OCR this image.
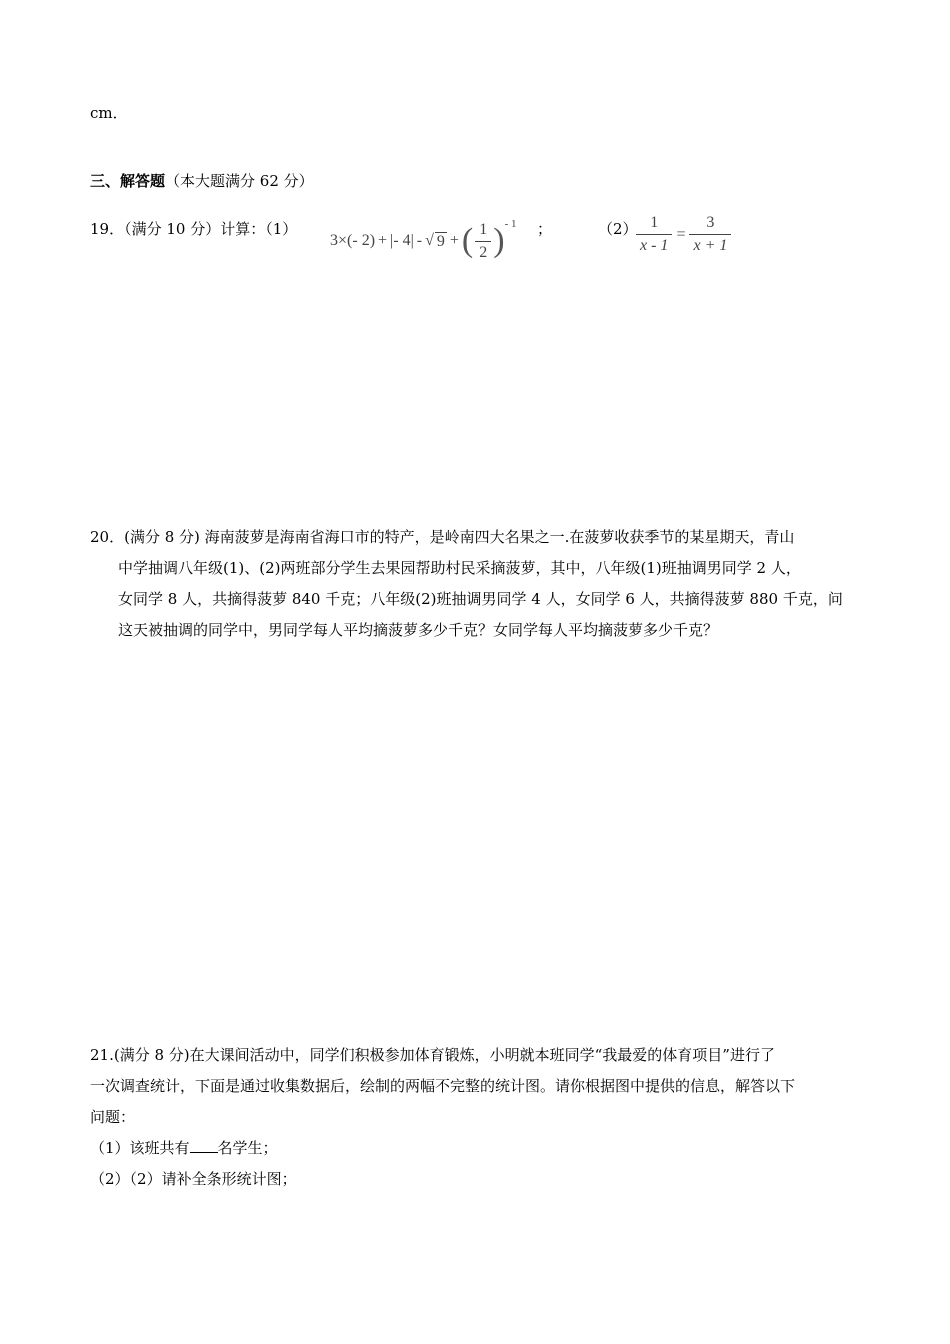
cm．
三、解答题（本大题满分 62 分）
19．（满分 10 分）计算：（1）
3 × (- 2) + |- 4| - √ 9 + ( $\frac{1}{2} )^{- 1}$ ；	（2）
$\frac{1}{x - 1} = \frac{3}{x + 1}$
20．(满分 8 分) 海南菠萝是海南省海口市的特产，是岭南四大名果之一.在菠萝收获季节的某星期天，青山
中学抽调八年级(1)、(2)两班部分学生去果园帮助村民采摘菠萝，其中，八年级(1)班抽调男同学 2 人，
女同学 8 人，共摘得菠萝 840 千克；八年级(2)班抽调男同学 4 人，女同学 6 人，共摘得菠萝 880 千克，问
这天被抽调的同学中，男同学每人平均摘菠萝多少千克？女同学每人平均摘菠萝多少千克？
21.(满分 8 分)在大课间活动中，同学们积极参加体育锻炼，小明就本班同学“我最爱的体育项目”进行了
一次调查统计，下面是通过收集数据后，绘制的两幅不完整的统计图。请你根据图中提供的信息，解答以下
问题：
（1）该班共有 名学生；
（2）（2）请补全条形统计图；
